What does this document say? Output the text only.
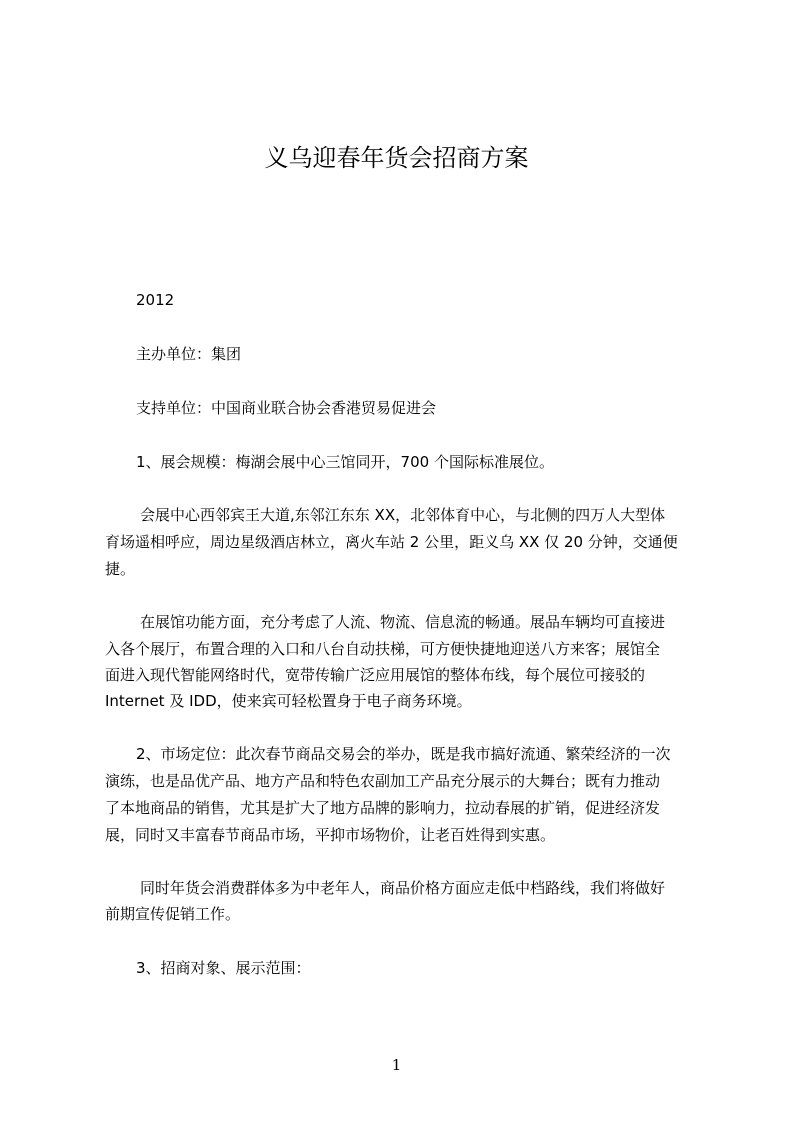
义乌迎春年货会招商方案
2012
主办单位：集团
支持单位：中国商业联合协会香港贸易促进会
1、展会规模：梅湖会展中心三馆同开，700 个国际标准展位。
会展中心西邻宾王大道,东邻江东东 XX，北邻体育中心，与北侧的四万人大型体
育场遥相呼应，周边星级酒店林立，离火车站 2 公里，距义乌 XX 仅 20 分钟，交通便
捷。
在展馆功能方面，充分考虑了人流、物流、信息流的畅通。展品车辆均可直接进
入各个展厅，布置合理的入口和八台自动扶梯，可方便快捷地迎送八方来客；展馆全
面进入现代智能网络时代，宽带传输广泛应用展馆的整体布线，每个展位可接驳的
Internet 及 IDD，使来宾可轻松置身于电子商务环境。
2、市场定位：此次春节商品交易会的举办，既是我市搞好流通、繁荣经济的一次
演练，也是品优产品、地方产品和特色农副加工产品充分展示的大舞台；既有力推动
了本地商品的销售，尤其是扩大了地方品牌的影响力，拉动春展的扩销，促进经济发
展，同时又丰富春节商品市场，平抑市场物价，让老百姓得到实惠。
同时年货会消费群体多为中老年人，商品价格方面应走低中档路线，我们将做好
前期宣传促销工作。
3、招商对象、展示范围：
1
